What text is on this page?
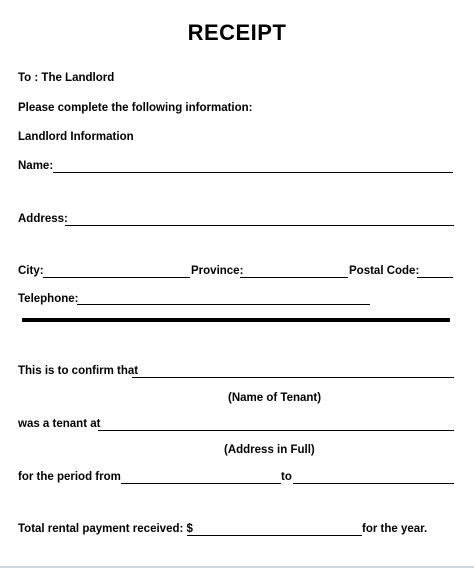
RECEIPT
To : The Landlord
Please complete the following information:
Landlord Information
Name:
Address:
City:	Province:	Postal Code:
Telephone:
This is to confirm that
(Name of Tenant)
was a tenant at
(Address in Full)
for the period from	to
Total rental payment received: $	for the year.
